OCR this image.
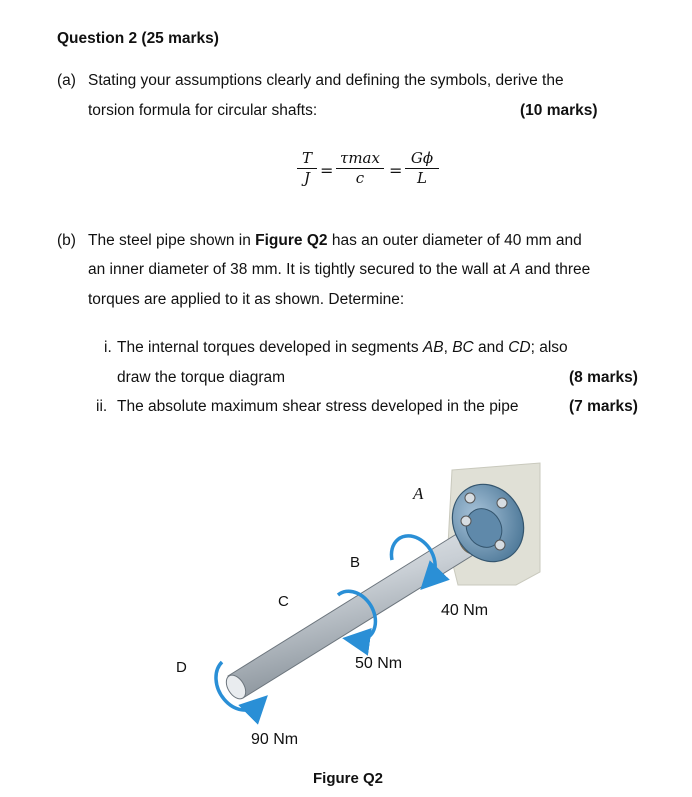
Question 2 (25 marks)
(a) Stating your assumptions clearly and defining the symbols, derive the
torsion formula for circular shafts:	(10 marks)
T
J =
τmax
c	=
Gϕ
L
(b) The steel pipe shown in Figure Q2 has an outer diameter of 40 mm and
an inner diameter of 38 mm. It is tightly secured to the wall at A and three
torques are applied to it as shown. Determine:
i. The internal torques developed in segments AB, BC and CD; also
draw the torque diagram	(8 marks)
ii. The absolute maximum shear stress developed in the pipe	(7 marks)
A
B
C
D
40 Nm
50 Nm
90 Nm
Figure Q2
